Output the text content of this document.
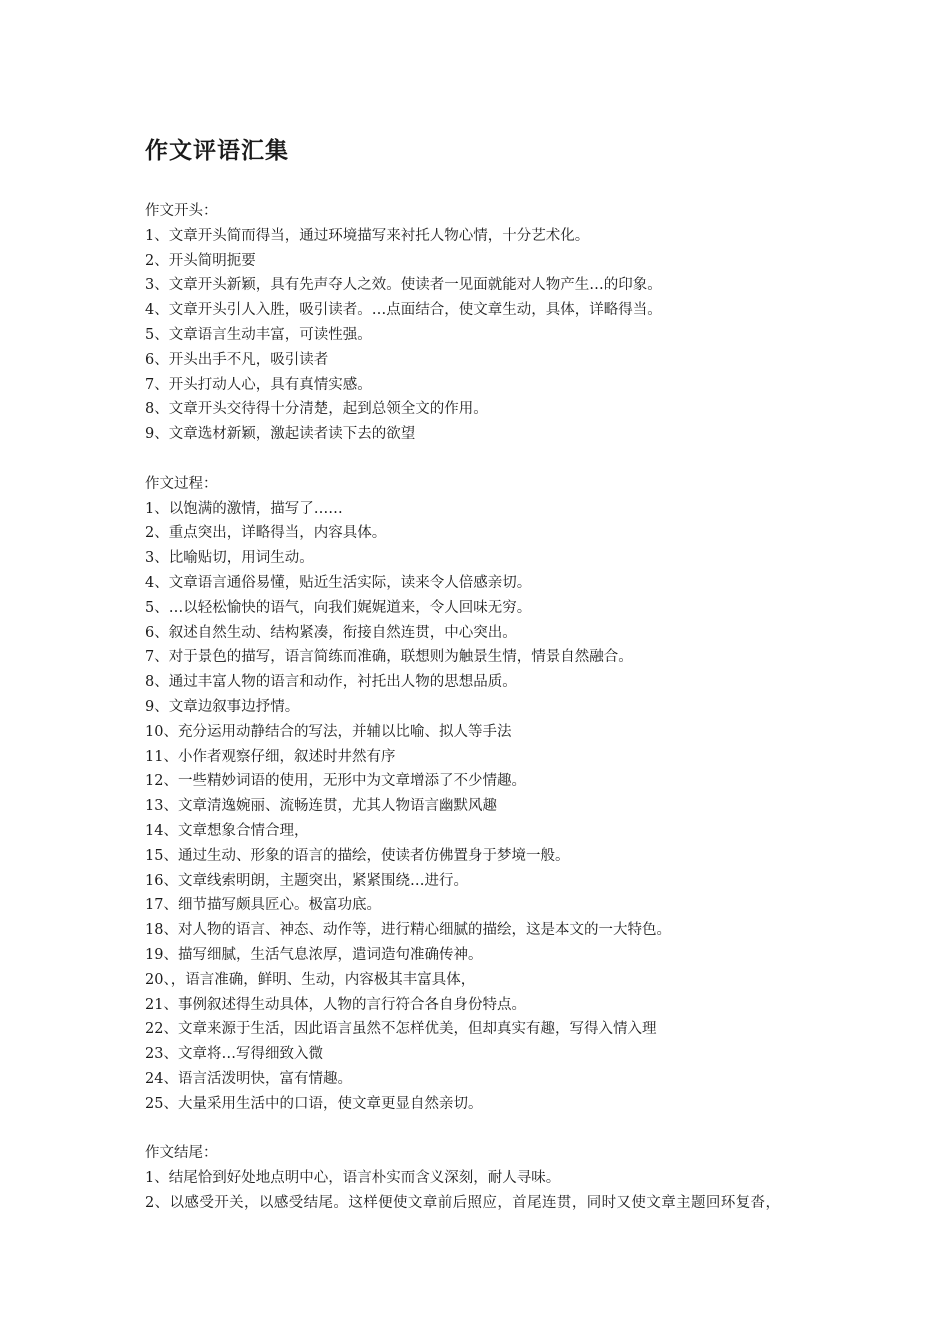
作文评语汇集

作文开头：

1、文章开头简而得当，通过环境描写来衬托人物心情，十分艺术化。

2、开头简明扼要

3、文章开头新颖，具有先声夺人之效。使读者一见面就能对人物产生…的印象。

4、文章开头引人入胜，吸引读者。…点面结合，使文章生动，具体，详略得当。

5、文章语言生动丰富，可读性强。

6、开头出手不凡，吸引读者

7、开头打动人心，具有真情实感。

8、文章开头交待得十分清楚，起到总领全文的作用。

9、文章选材新颖，激起读者读下去的欲望

作文过程：

1、以饱满的激情，描写了……

2、重点突出，详略得当，内容具体。

3、比喻贴切，用词生动。

4、文章语言通俗易懂，贴近生活实际，读来令人倍感亲切。

5、…以轻松愉快的语气，向我们娓娓道来，令人回味无穷。

6、叙述自然生动、结构紧凑，衔接自然连贯，中心突出。

7、对于景色的描写，语言简练而准确，联想则为触景生情，情景自然融合。

8、通过丰富人物的语言和动作，衬托出人物的思想品质。

9、文章边叙事边抒情。

10、充分运用动静结合的写法，并辅以比喻、拟人等手法

11、小作者观察仔细，叙述时井然有序

12、一些精妙词语的使用，无形中为文章增添了不少情趣。

13、文章清逸婉丽、流畅连贯，尤其人物语言幽默风趣

14、文章想象合情合理，

15、通过生动、形象的语言的描绘，使读者仿佛置身于梦境一般。

16、文章线索明朗，主题突出，紧紧围绕…进行。

17、细节描写颇具匠心。极富功底。

18、对人物的语言、神态、动作等，进行精心细腻的描绘，这是本文的一大特色。

19、描写细腻，生活气息浓厚，遣词造句准确传神。

20、，语言准确，鲜明、生动，内容极其丰富具体，

21、事例叙述得生动具体，人物的言行符合各自身份特点。

22、文章来源于生活，因此语言虽然不怎样优美，但却真实有趣，写得入情入理

23、文章将…写得细致入微

24、语言活泼明快，富有情趣。

25、大量采用生活中的口语，使文章更显自然亲切。

作文结尾：

1、结尾恰到好处地点明中心，语言朴实而含义深刻，耐人寻味。

2、以感受开关，以感受结尾。这样便使文章前后照应，首尾连贯，同时又使文章主题回环复沓，
